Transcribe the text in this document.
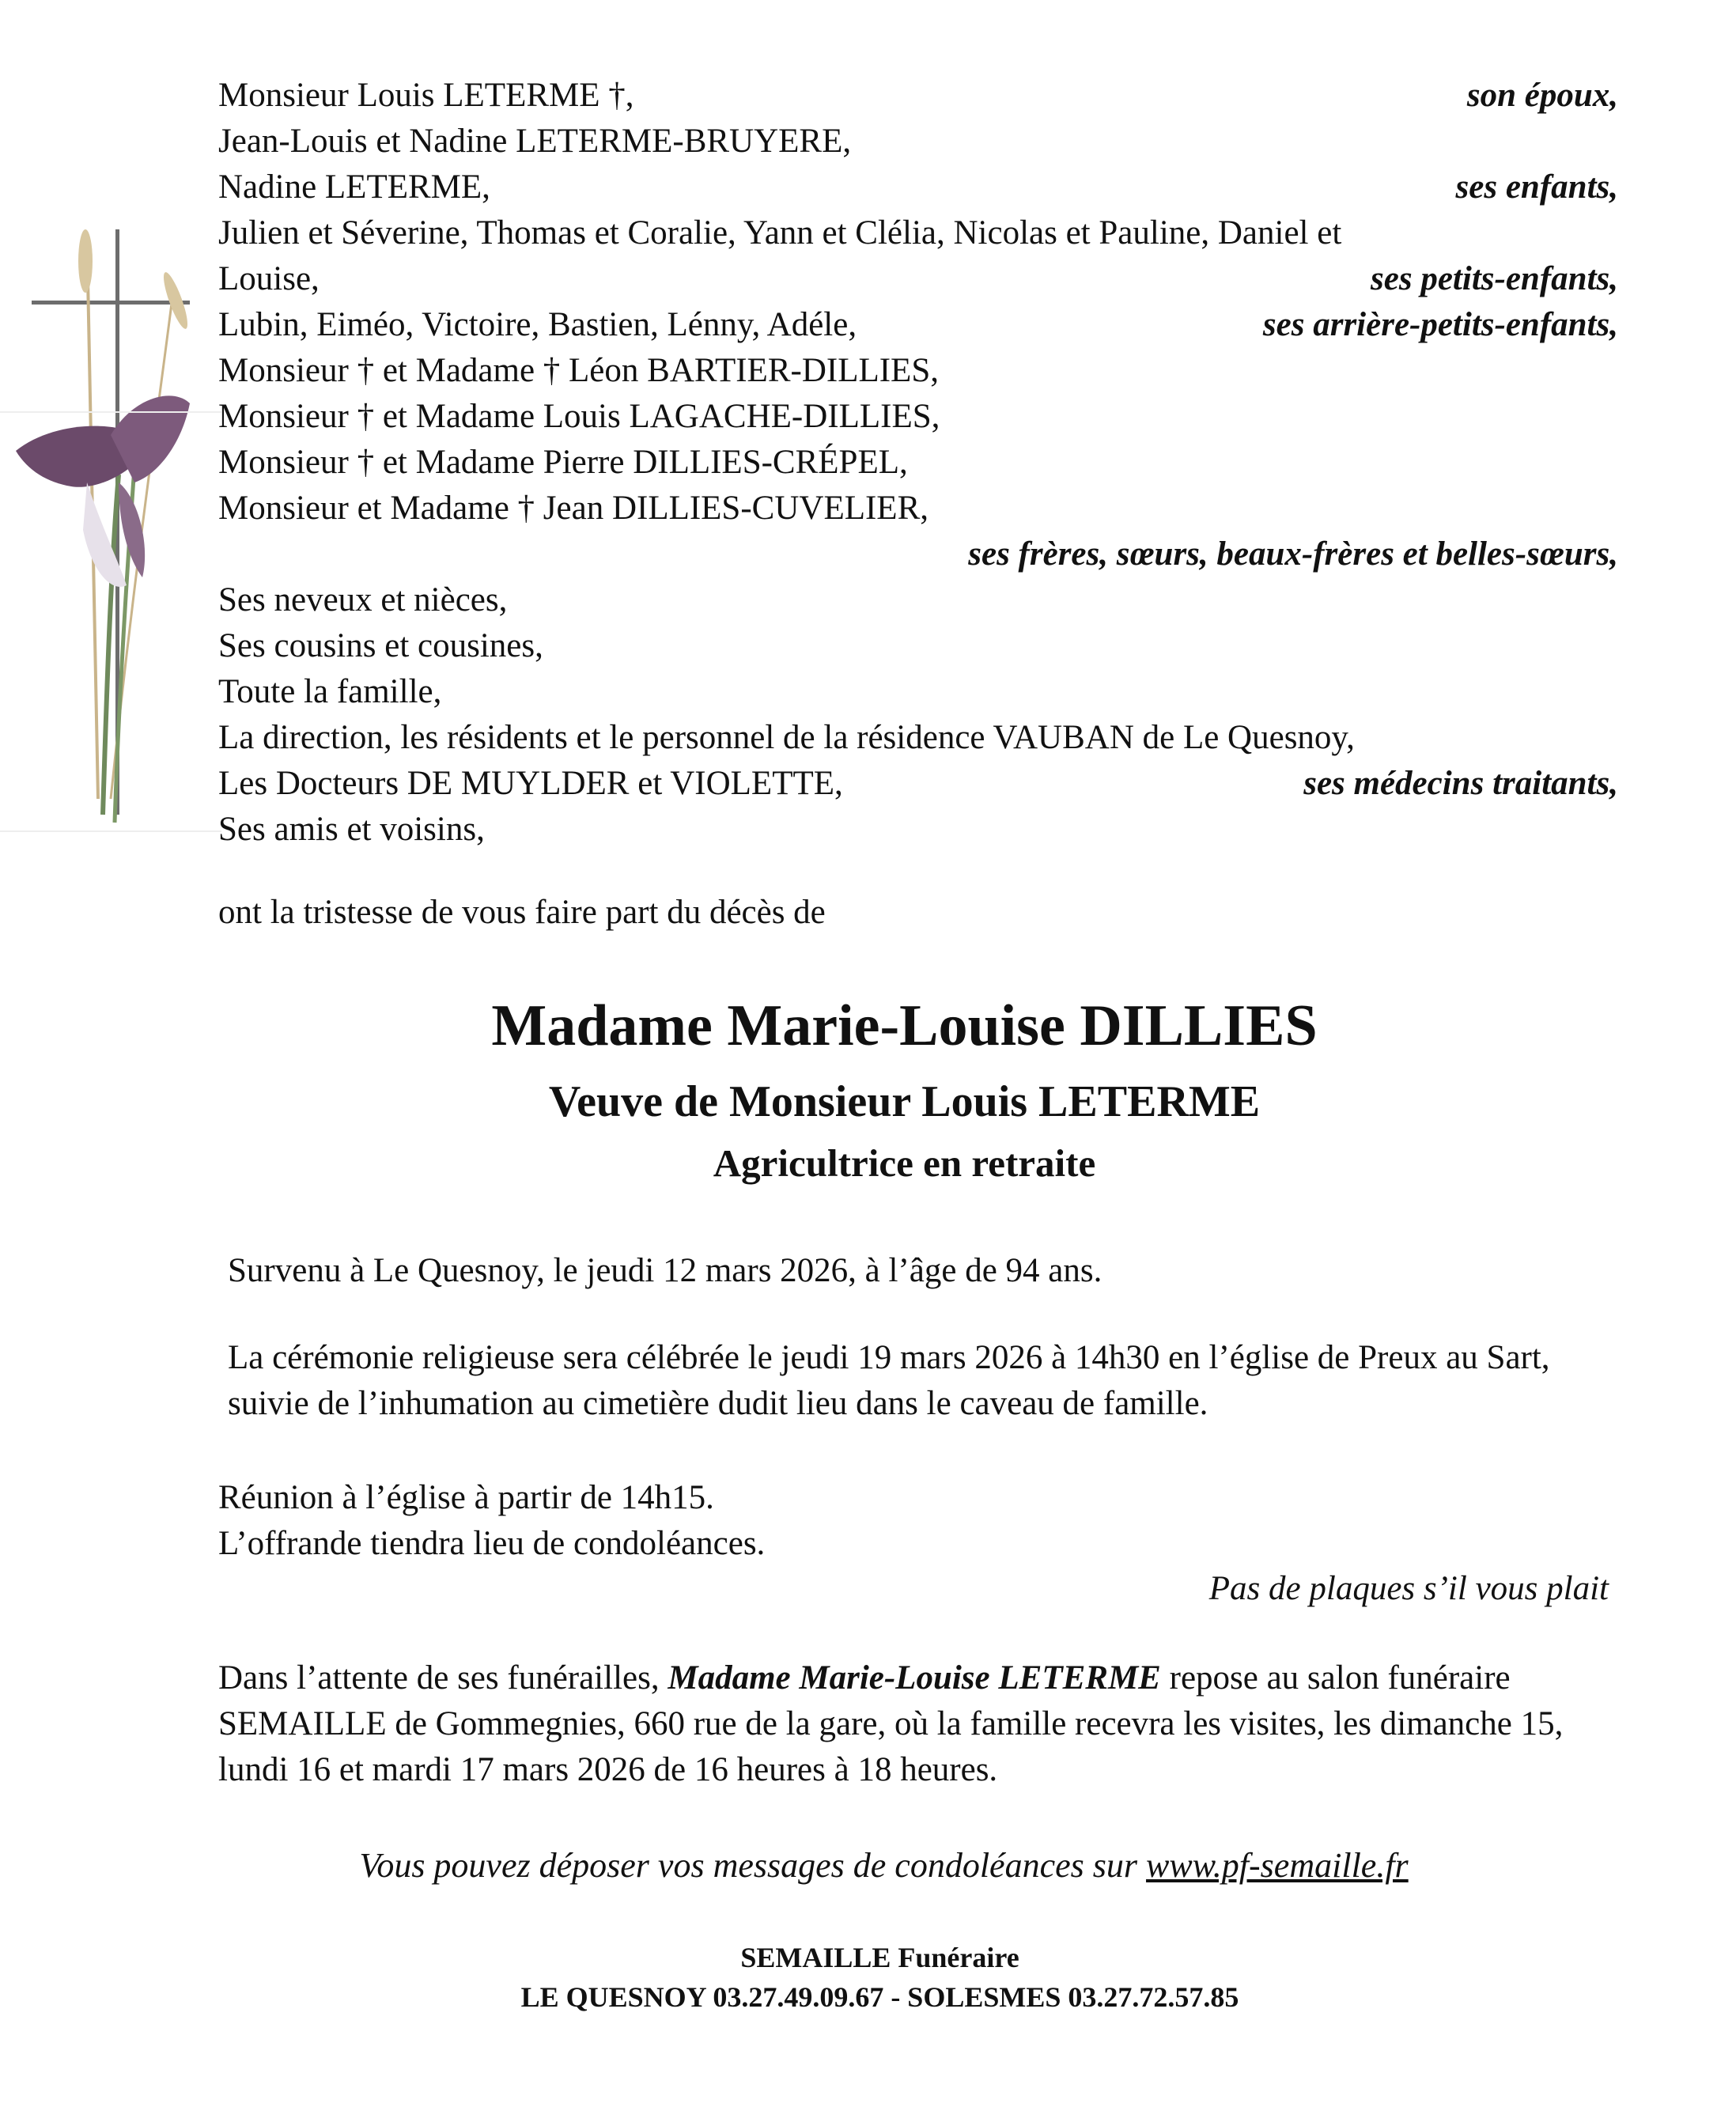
Monsieur Louis LETERME †,	son époux,
Jean-Louis et Nadine LETERME-BRUYERE,
Nadine LETERME,	ses enfants,
Julien et Séverine, Thomas et Coralie, Yann et Clélia, Nicolas et Pauline, Daniel et
Louise,	ses petits-enfants,
Lubin, Eiméo, Victoire, Bastien, Lénny, Adéle,	ses arrière-petits-enfants,
Monsieur † et Madame † Léon BARTIER-DILLIES,
Monsieur † et Madame Louis LAGACHE-DILLIES,
Monsieur † et Madame Pierre DILLIES-CRÉPEL,
Monsieur et Madame † Jean DILLIES-CUVELIER,
ses frères, sœurs, beaux-frères et belles-sœurs,
Ses neveux et nièces,
Ses cousins et cousines,
Toute la famille,
La direction, les résidents et le personnel de la résidence VAUBAN de Le Quesnoy,
Les Docteurs DE MUYLDER et VIOLETTE,	ses médecins traitants,
Ses amis et voisins,
ont la tristesse de vous faire part du décès de
Madame Marie-Louise DILLIES
Veuve de Monsieur Louis LETERME
Agricultrice en retraite
Survenu à Le Quesnoy, le jeudi 12 mars 2026, à l’âge de 94 ans.
La cérémonie religieuse sera célébrée le jeudi 19 mars 2026 à 14h30 en l’église de Preux au Sart, suivie de l’inhumation au cimetière dudit lieu dans le caveau de famille.
Réunion à l’église à partir de 14h15.
L’offrande tiendra lieu de condoléances.
Pas de plaques s’il vous plait
Dans l’attente de ses funérailles, Madame Marie-Louise LETERME repose au salon funéraire SEMAILLE de Gommegnies, 660 rue de la gare, où la famille recevra les visites, les dimanche 15, lundi 16 et mardi 17 mars 2026 de 16 heures à 18 heures.
Vous pouvez déposer vos messages de condoléances sur www.pf-semaille.fr
SEMAILLE Funéraire
LE QUESNOY 03.27.49.09.67 - SOLESMES 03.27.72.57.85
